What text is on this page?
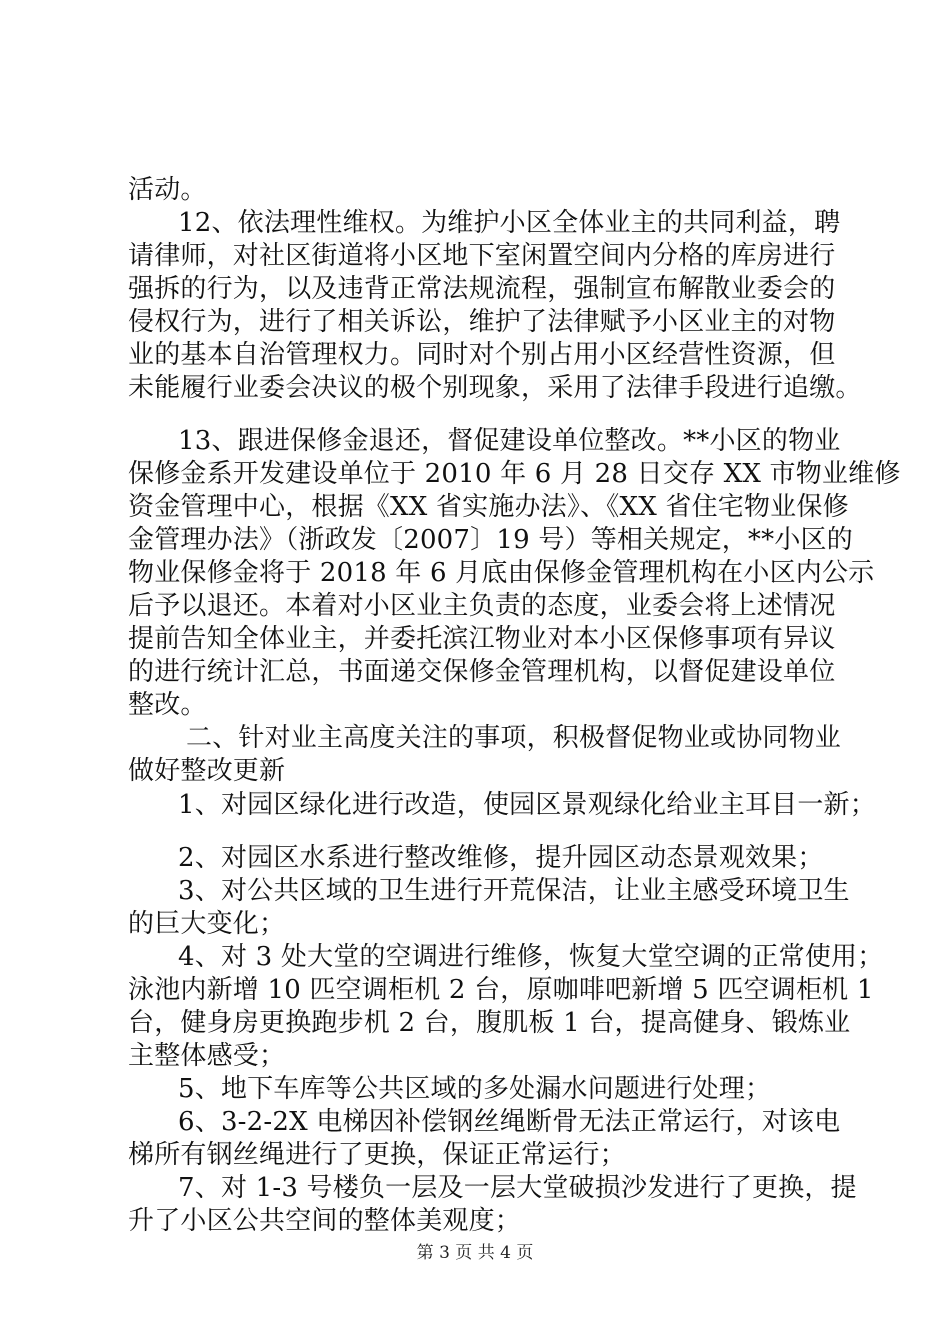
活动。
12、依法理性维权。为维护小区全体业主的共同利益，聘
请律师，对社区街道将小区地下室闲置空间内分格的库房进行
强拆的行为，以及违背正常法规流程，强制宣布解散业委会的
侵权行为，进行了相关诉讼，维护了法律赋予小区业主的对物
业的基本自治管理权力。同时对个别占用小区经营性资源，但
未能履行业委会决议的极个别现象，采用了法律手段进行追缴。
13、跟进保修金退还，督促建设单位整改。**小区的物业
保修金系开发建设单位于 2010 年 6 月 28 日交存 XX 市物业维修
资金管理中心，根据《XX 省实施办法》、《XX 省住宅物业保修
金管理办法》（浙政发〔2007〕19 号）等相关规定，**小区的
物业保修金将于 2018 年 6 月底由保修金管理机构在小区内公示
后予以退还。本着对小区业主负责的态度，业委会将上述情况
提前告知全体业主，并委托滨江物业对本小区保修事项有异议
的进行统计汇总，书面递交保修金管理机构，以督促建设单位
整改。
二、针对业主高度关注的事项，积极督促物业或协同物业
做好整改更新
1、对园区绿化进行改造，使园区景观绿化给业主耳目一新；
2、对园区水系进行整改维修，提升园区动态景观效果；
3、对公共区域的卫生进行开荒保洁，让业主感受环境卫生
的巨大变化；
4、对 3 处大堂的空调进行维修，恢复大堂空调的正常使用；
泳池内新增 10 匹空调柜机 2 台，原咖啡吧新增 5 匹空调柜机 1
台，健身房更换跑步机 2 台，腹肌板 1 台，提高健身、锻炼业
主整体感受；
5、地下车库等公共区域的多处漏水问题进行处理；
6、3-2-2X 电梯因补偿钢丝绳断骨无法正常运行，对该电
梯所有钢丝绳进行了更换，保证正常运行；
7、对 1-3 号楼负一层及一层大堂破损沙发进行了更换，提
升了小区公共空间的整体美观度；
第 3 页 共 4 页
